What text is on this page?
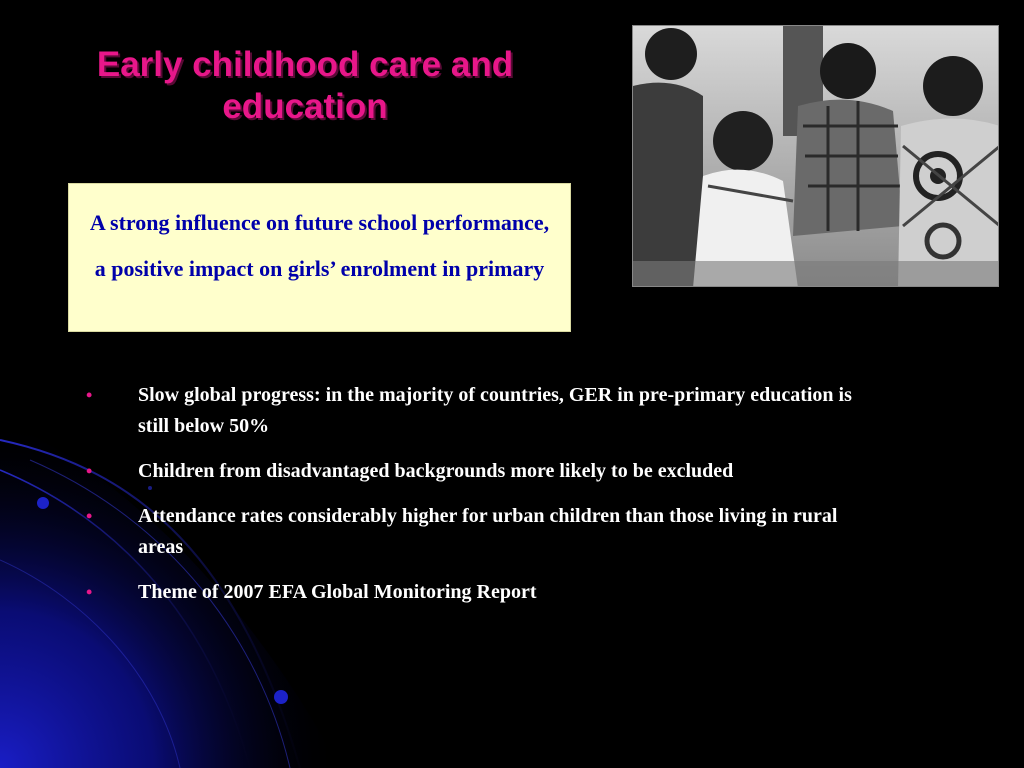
Early childhood care and education
A strong influence on future school performance, a positive impact on girls’ enrolment in primary
• Slow global progress: in the majority of countries, GER in pre-primary education is still below 50%
• Children from disadvantaged backgrounds more likely to be excluded
• Attendance rates considerably higher for urban children than those living in rural areas
• Theme of 2007 EFA Global Monitoring Report
